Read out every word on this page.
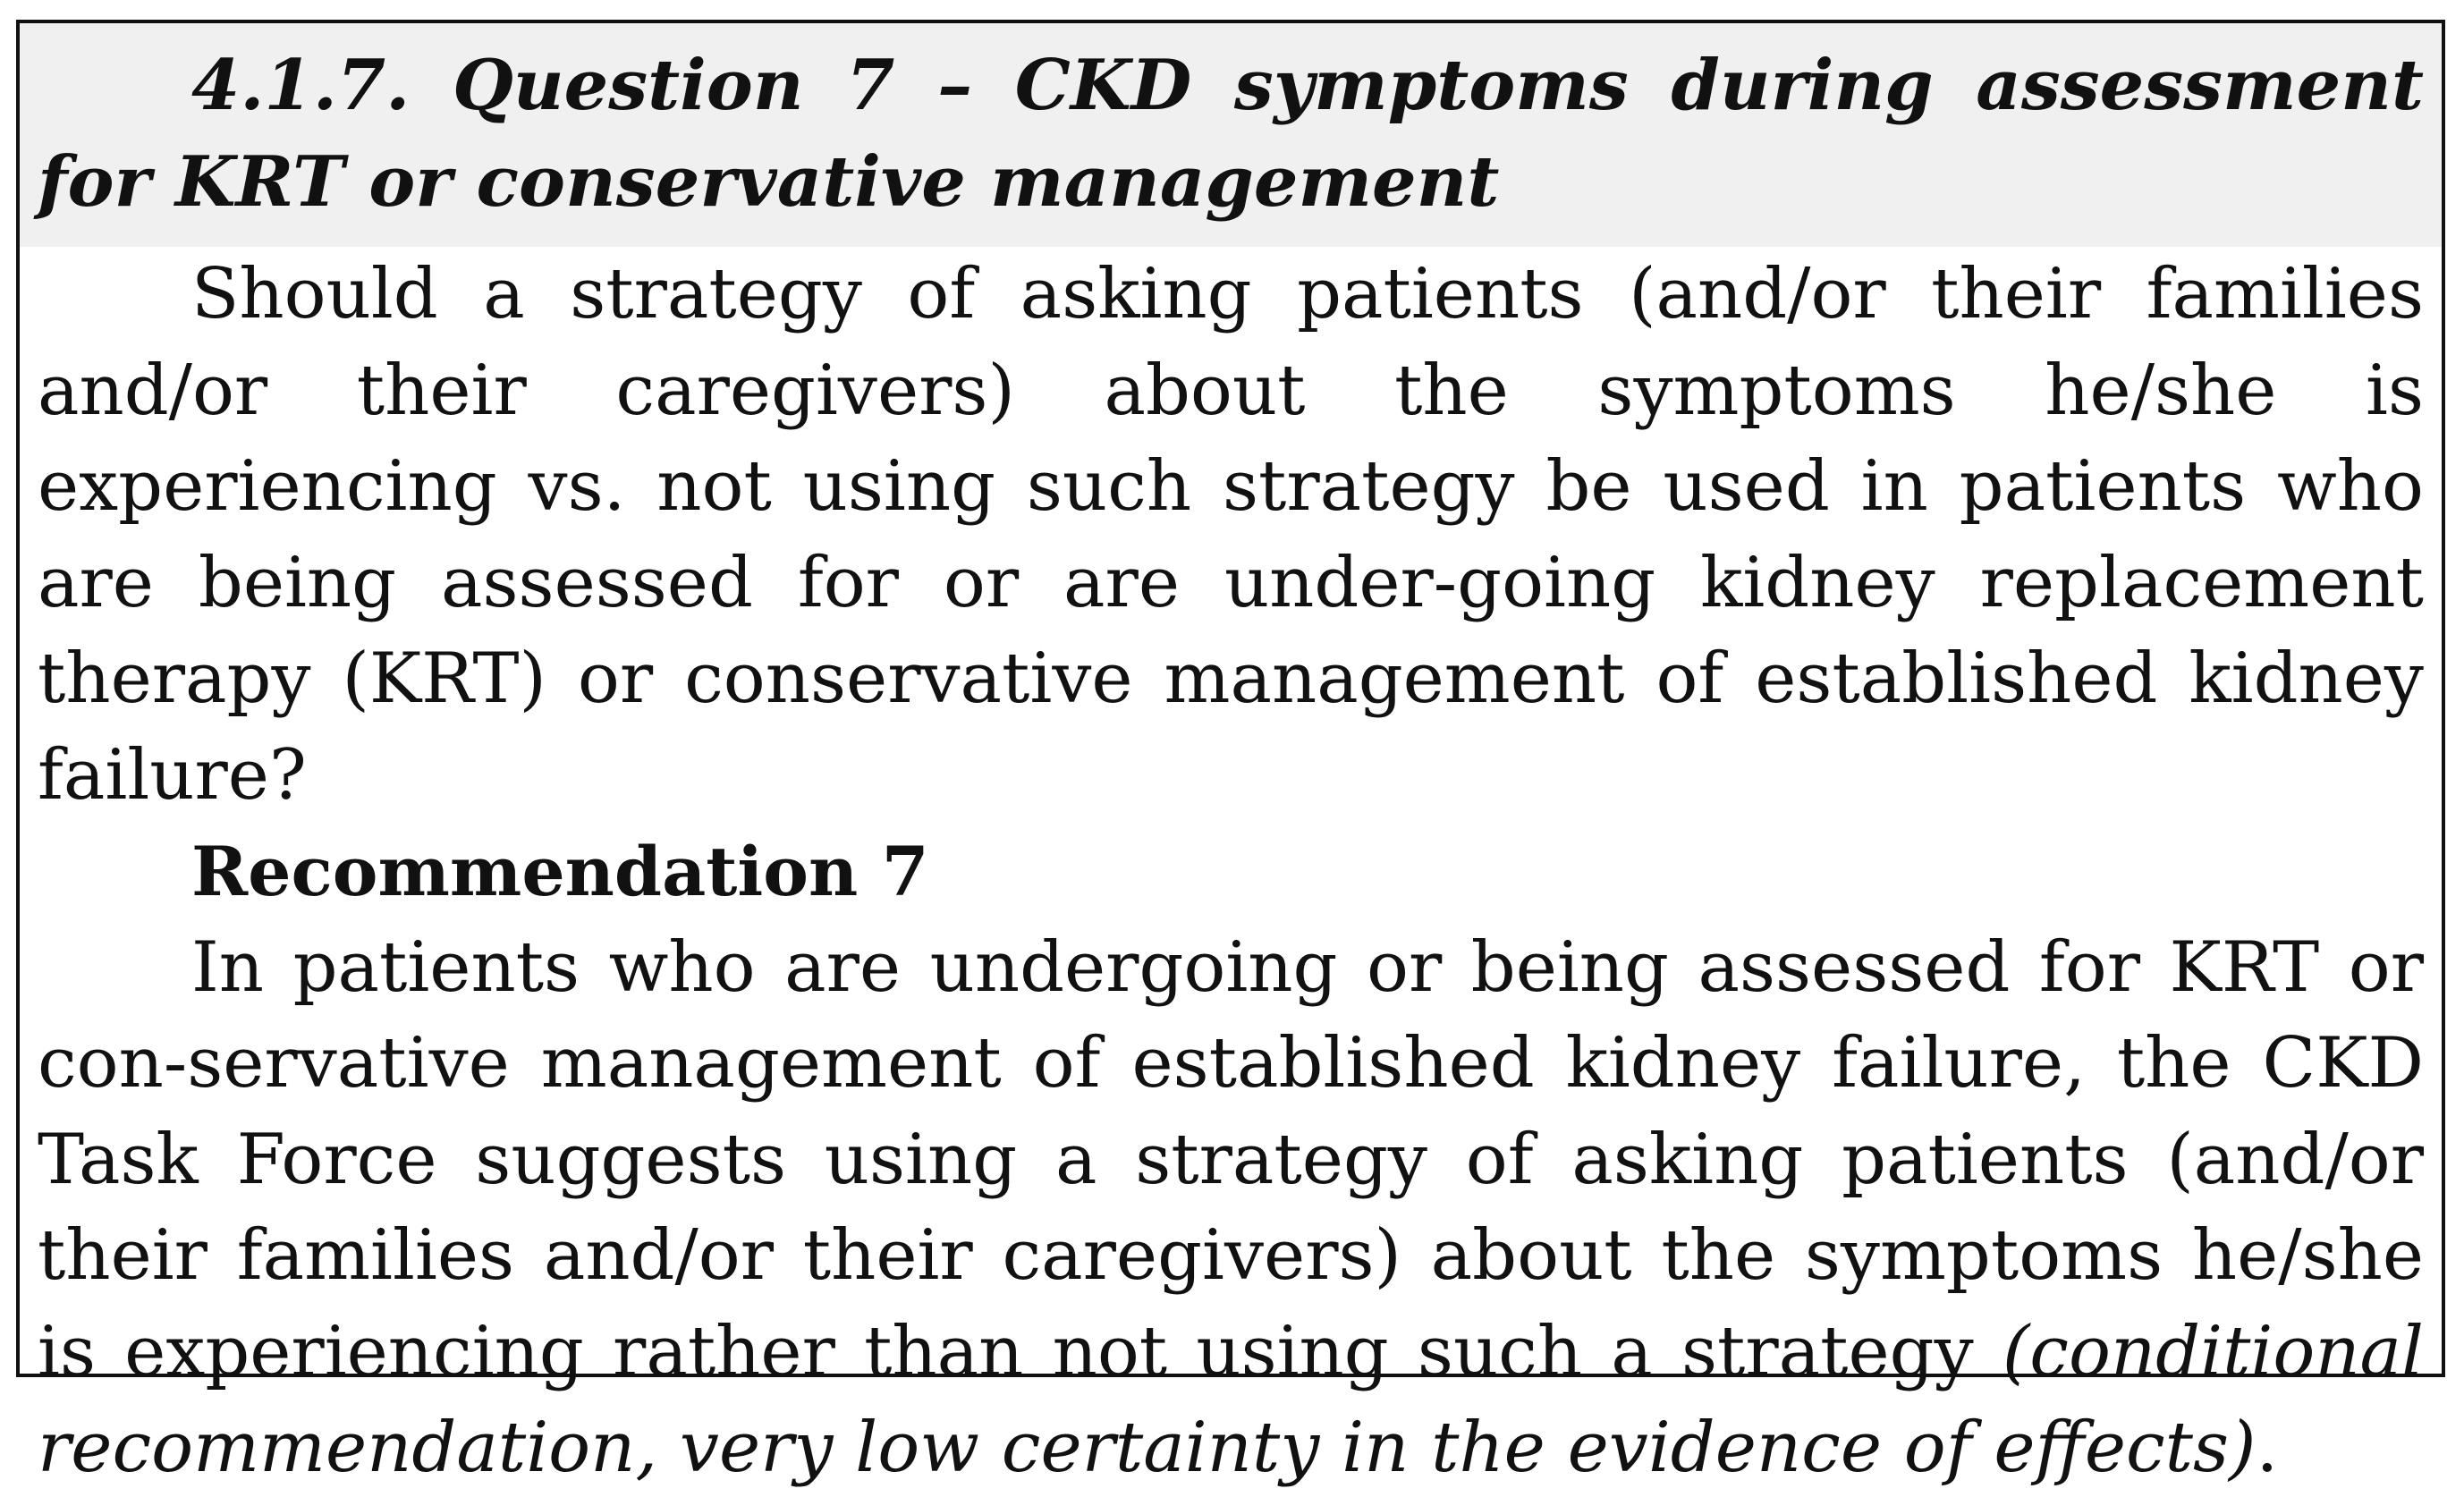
4.1.7. Question 7 – CKD symptoms during assessment for KRT or conservative management

Should a strategy of asking patients (and/or their families and/or their caregivers) about the symptoms he/she is experiencing vs. not using such strategy be used in patients who are being assessed for or are under-going kidney replacement therapy (KRT) or conservative management of established kidney failure?

Recommendation 7

In patients who are undergoing or being assessed for KRT or con-servative management of established kidney failure, the CKD Task Force suggests using a strategy of asking patients (and/or their families and/or their caregivers) about the symptoms he/she is experiencing rather than not using such a strategy (conditional recommendation, very low certainty in the evidence of effects).
